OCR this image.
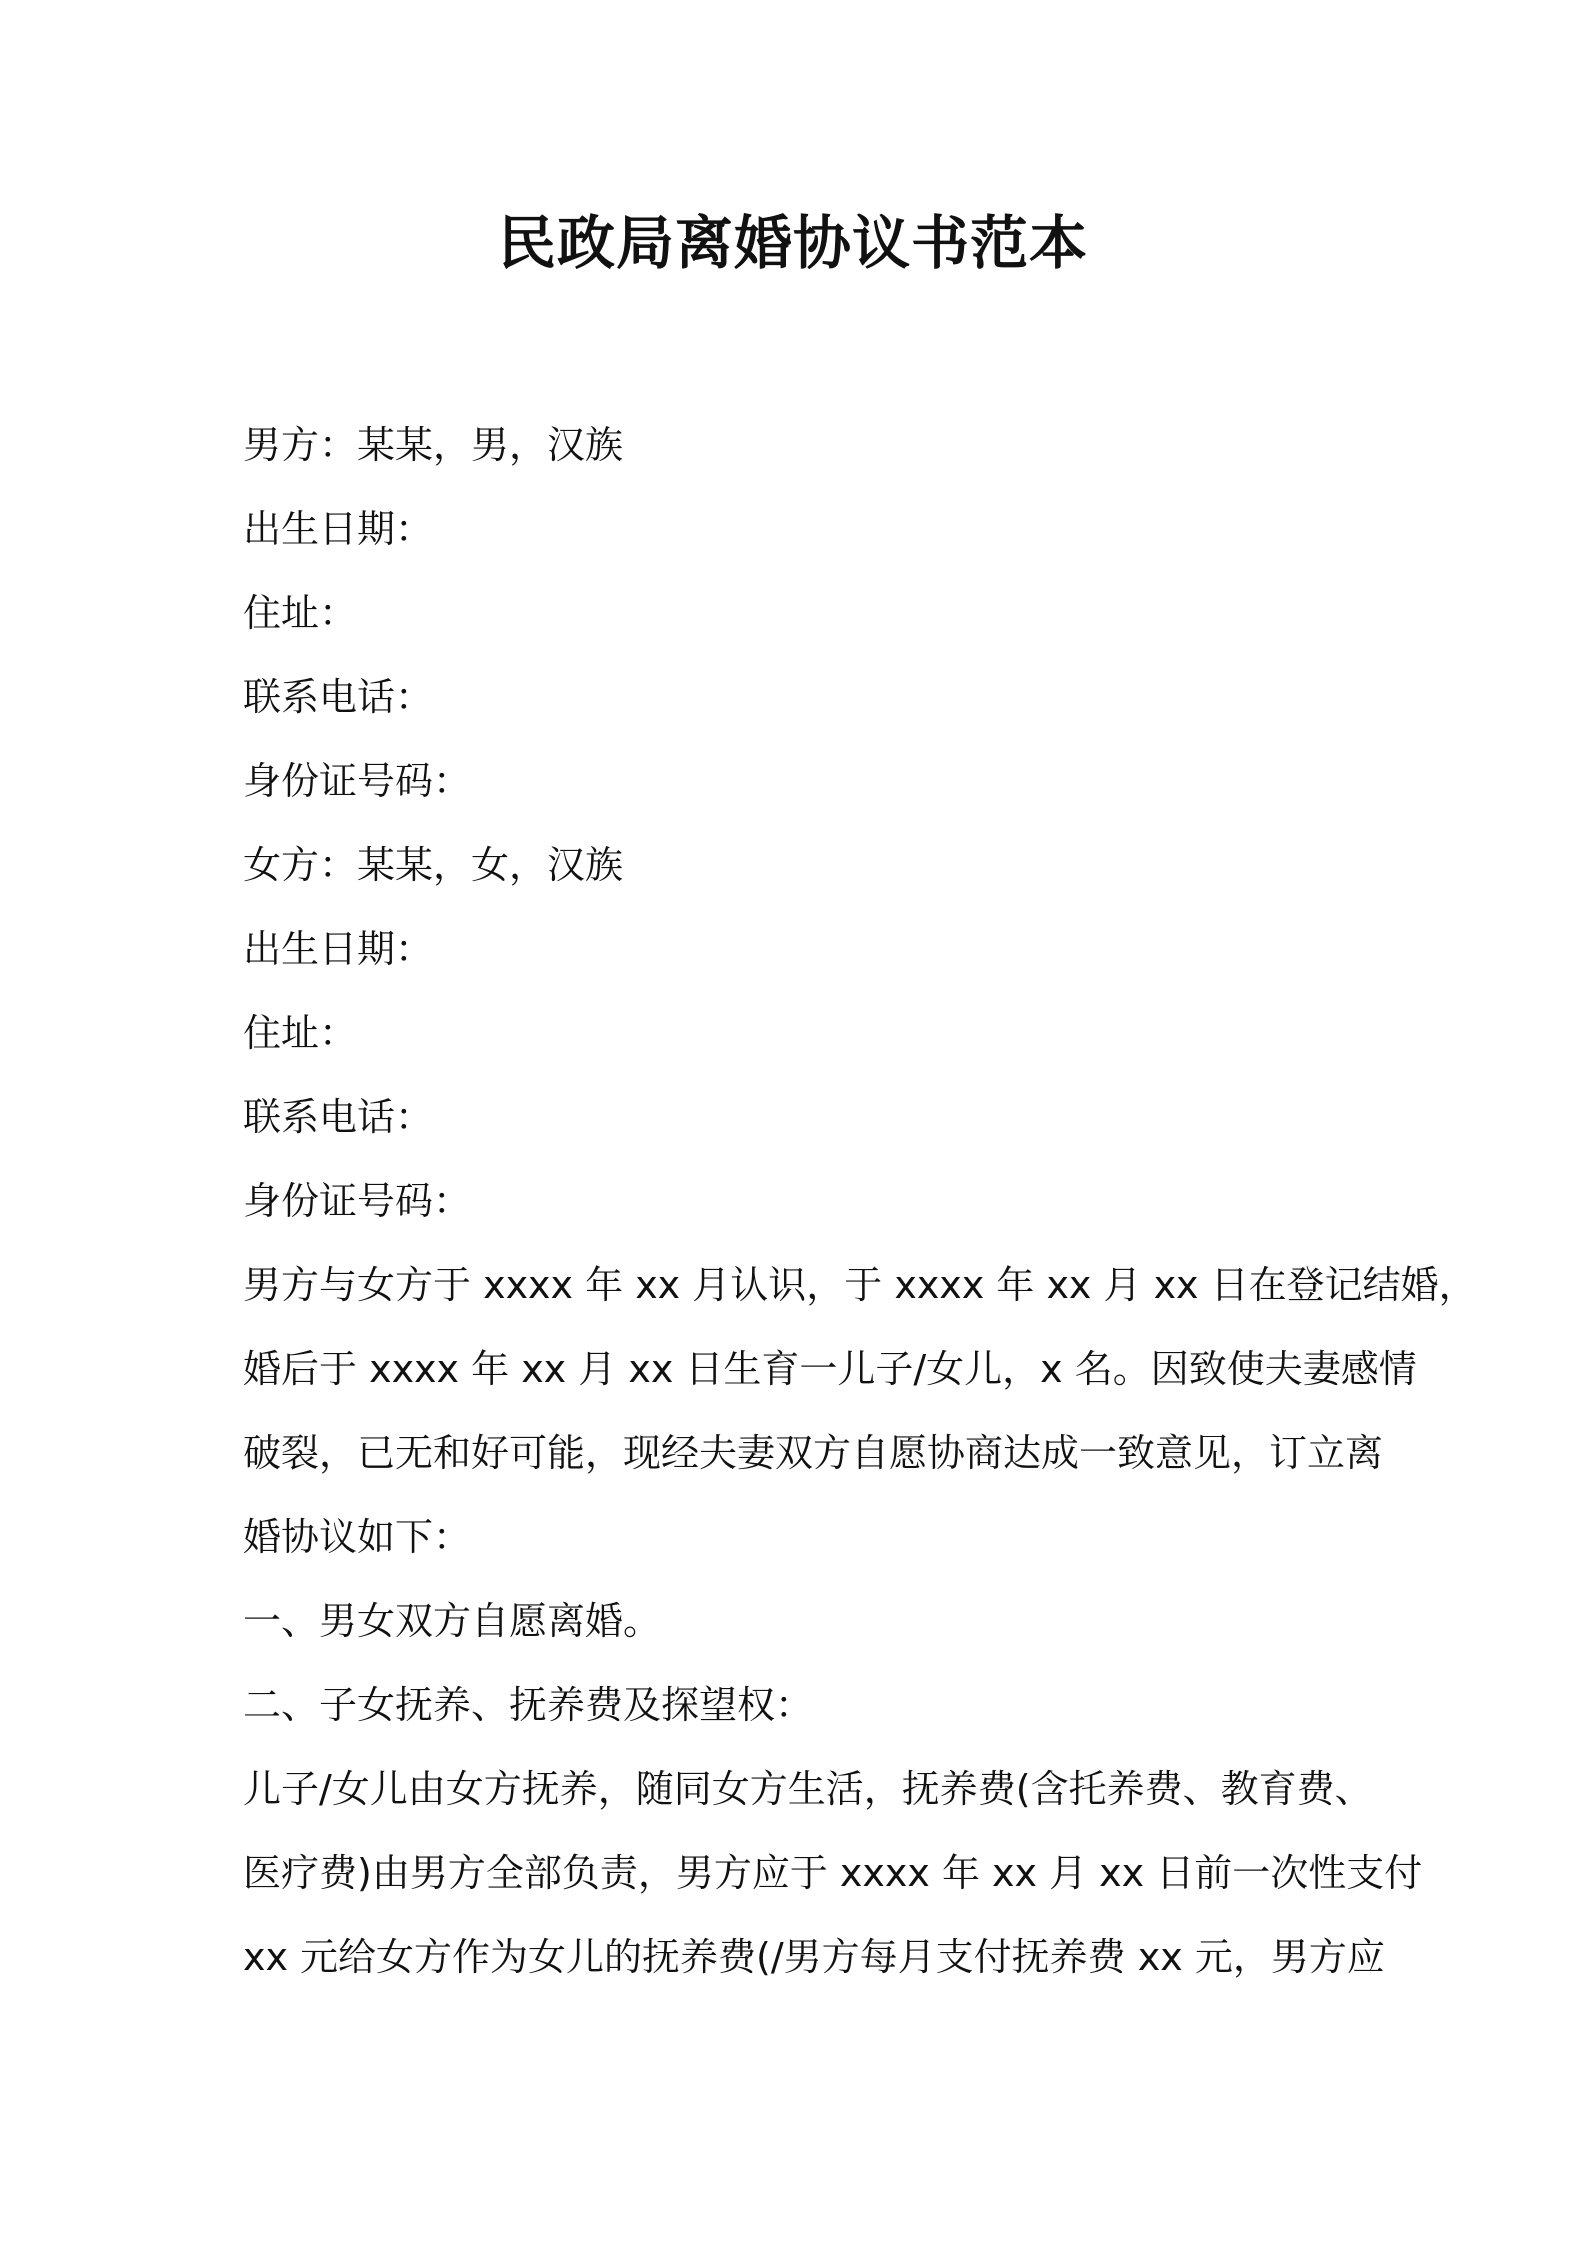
民政局离婚协议书范本
男方：某某，男，汉族
出生日期：
住址：
联系电话：
身份证号码：
女方：某某，女，汉族
出生日期：
住址：
联系电话：
身份证号码：
男方与女方于 xxxx 年 xx 月认识，于 xxxx 年 xx 月 xx 日在登记结婚，
婚后于 xxxx 年 xx 月 xx 日生育一儿子/女儿，x 名。因致使夫妻感情
破裂，已无和好可能，现经夫妻双方自愿协商达成一致意见，订立离
婚协议如下：
一、男女双方自愿离婚。
二、子女抚养、抚养费及探望权：
儿子/女儿由女方抚养，随同女方生活，抚养费(含托养费、教育费、
医疗费)由男方全部负责，男方应于 xxxx 年 xx 月 xx 日前一次性支付
xx 元给女方作为女儿的抚养费(/男方每月支付抚养费 xx 元，男方应
